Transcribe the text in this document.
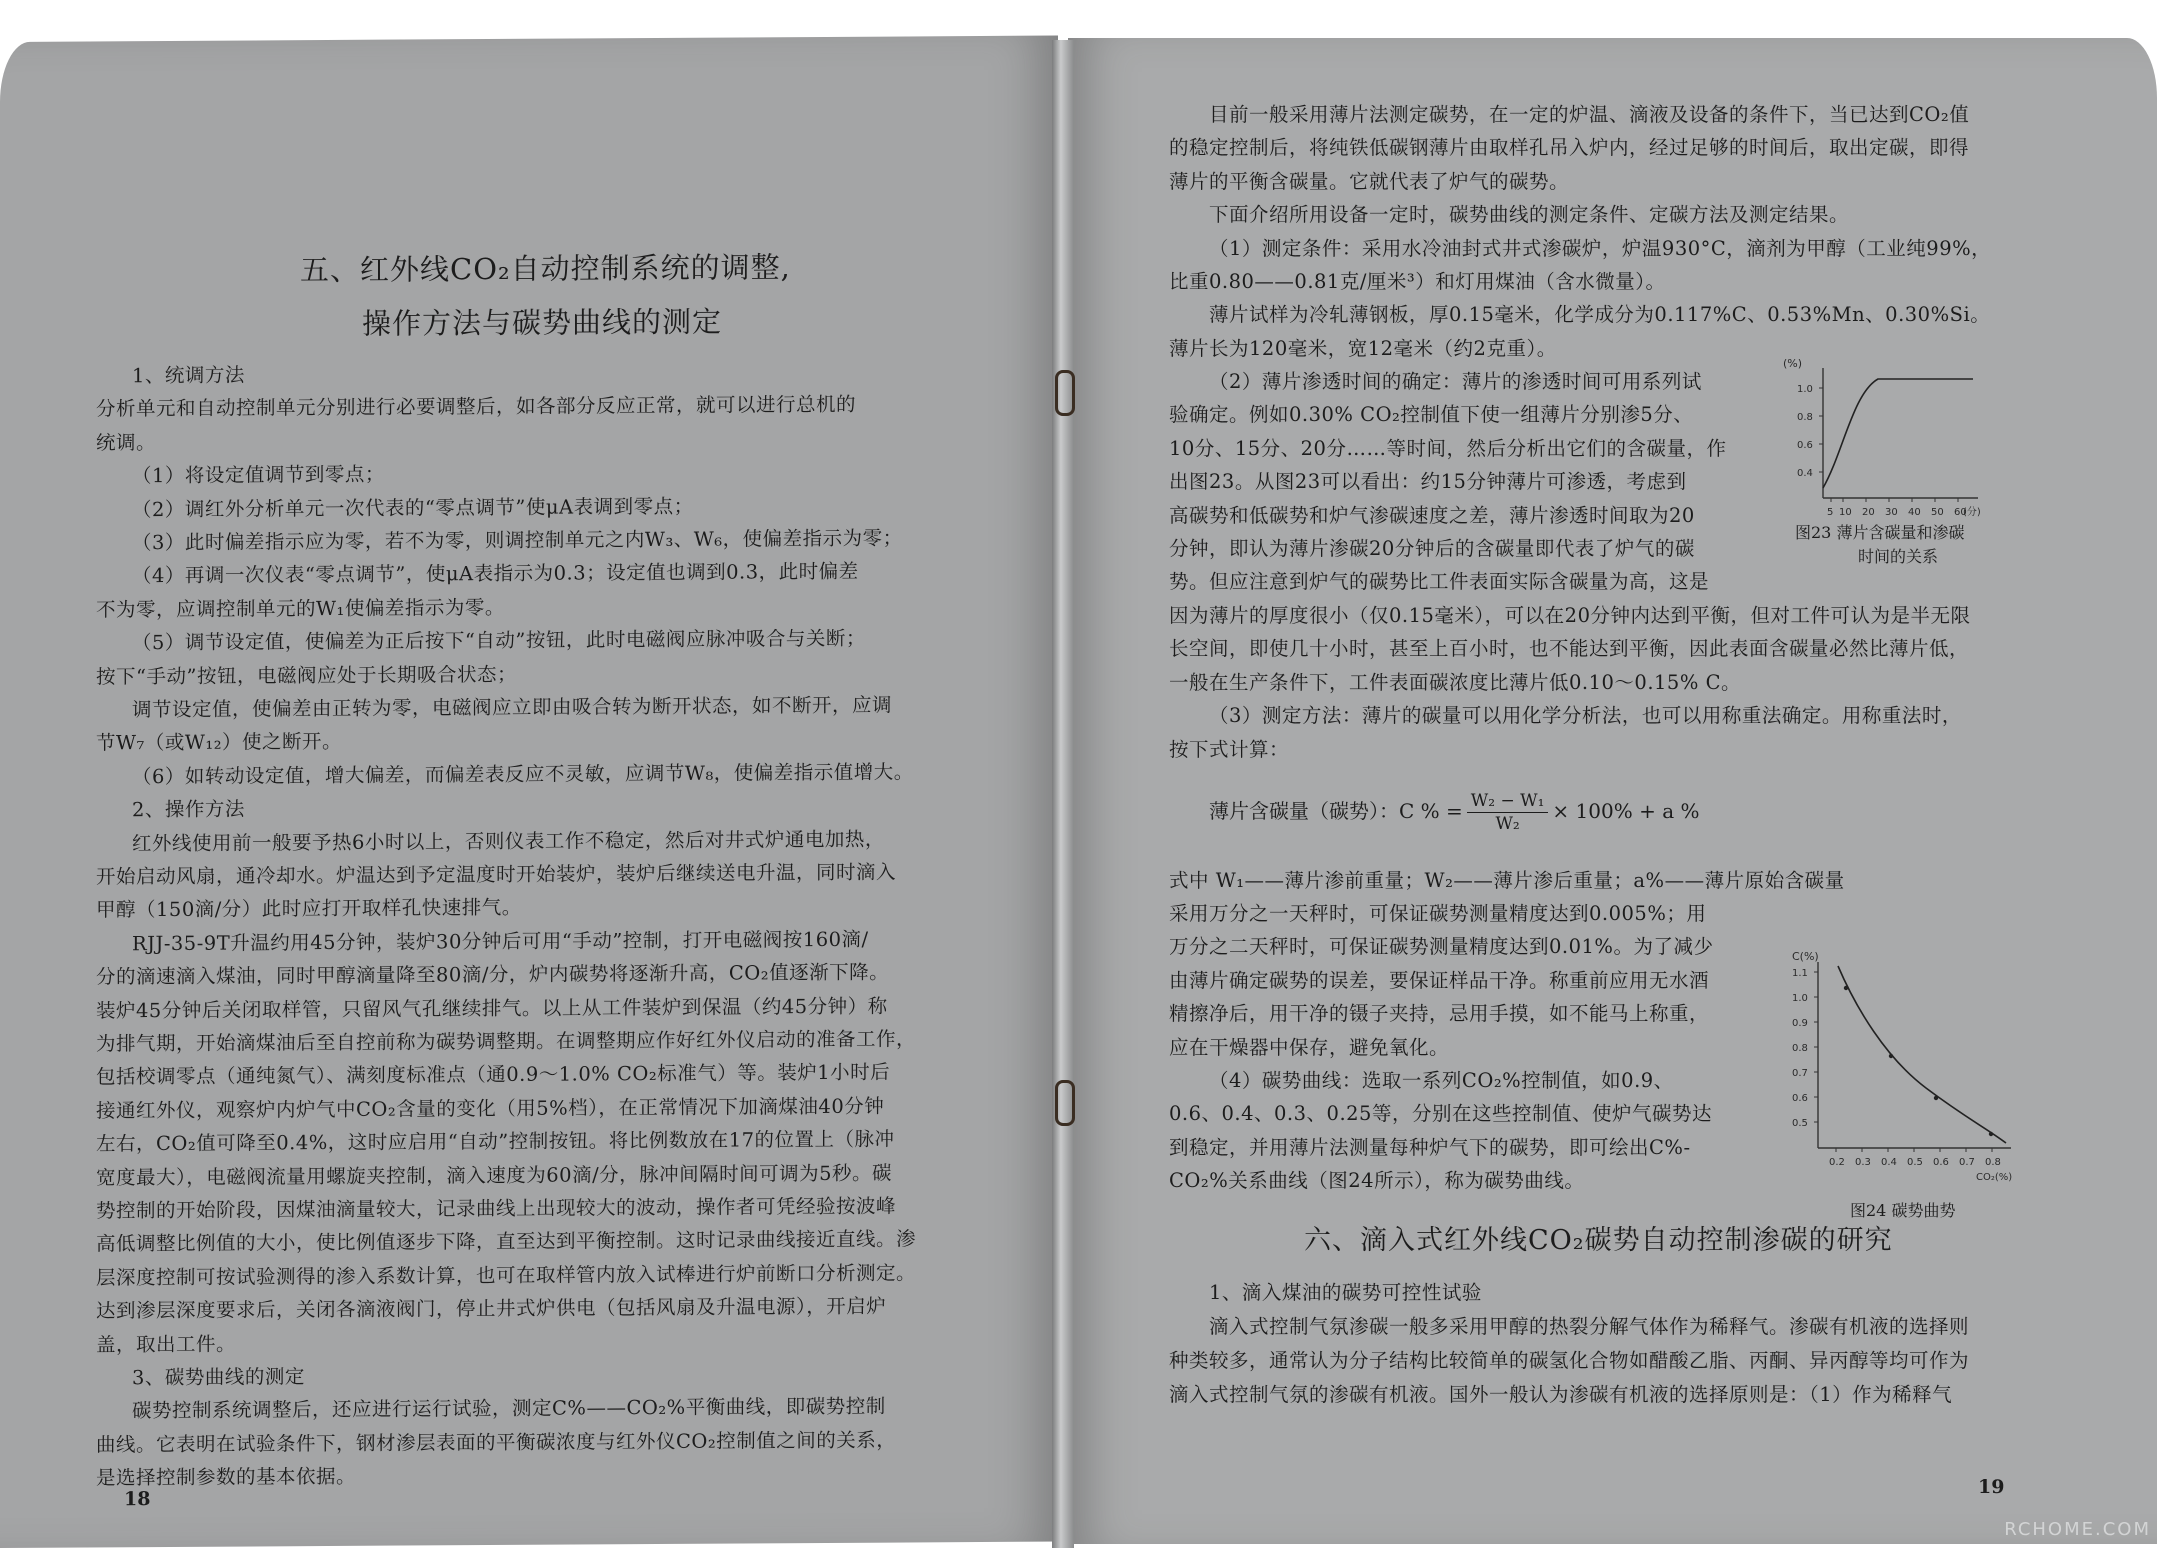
五、红外线CO₂自动控制系统的调整,
操作方法与碳势曲线的测定
1、统调方法
分析单元和自动控制单元分别进行必要调整后，如各部分反应正常，就可以进行总机的
统调。
（1）将设定值调节到零点；
（2）调红外分析单元一次代表的“零点调节”使μA表调到零点；
（3）此时偏差指示应为零，若不为零，则调控制单元之内W₃、W₆，使偏差指示为零；
（4）再调一次仪表“零点调节”，使μA表指示为0.3；设定值也调到0.3，此时偏差
不为零，应调控制单元的W₁使偏差指示为零。
（5）调节设定值，使偏差为正后按下“自动”按钮，此时电磁阀应脉冲吸合与关断；
按下“手动”按钮，电磁阀应处于长期吸合状态；
调节设定值，使偏差由正转为零，电磁阀应立即由吸合转为断开状态，如不断开，应调
节W₇（或W₁₂）使之断开。
（6）如转动设定值，增大偏差，而偏差表反应不灵敏，应调节W₈，使偏差指示值增大。
2、操作方法
红外线使用前一般要予热6小时以上，否则仪表工作不稳定，然后对井式炉通电加热，
开始启动风扇，通冷却水。炉温达到予定温度时开始装炉，装炉后继续送电升温，同时滴入
甲醇（150滴/分）此时应打开取样孔快速排气。
RJJ-35-9T升温约用45分钟，装炉30分钟后可用“手动”控制，打开电磁阀按160滴/
分的滴速滴入煤油，同时甲醇滴量降至80滴/分，炉内碳势将逐渐升高，CO₂值逐渐下降。
装炉45分钟后关闭取样管，只留风气孔继续排气。以上从工件装炉到保温（约45分钟）称
为排气期，开始滴煤油后至自控前称为碳势调整期。在调整期应作好红外仪启动的准备工作，
包括校调零点（通纯氮气）、满刻度标准点（通0.9～1.0% CO₂标准气）等。装炉1小时后
接通红外仪，观察炉内炉气中CO₂含量的变化（用5%档），在正常情况下加滴煤油40分钟
左右，CO₂值可降至0.4%，这时应启用“自动”控制按钮。将比例数放在17的位置上（脉冲
宽度最大），电磁阀流量用螺旋夹控制，滴入速度为60滴/分，脉冲间隔时间可调为5秒。碳
势控制的开始阶段，因煤油滴量较大，记录曲线上出现较大的波动，操作者可凭经验按波峰
高低调整比例值的大小，使比例值逐步下降，直至达到平衡控制。这时记录曲线接近直线。渗
层深度控制可按试验测得的渗入系数计算，也可在取样管内放入试棒进行炉前断口分析测定。
达到渗层深度要求后，关闭各滴液阀门，停止井式炉供电（包括风扇及升温电源），开启炉
盖，取出工件。
3、碳势曲线的测定
碳势控制系统调整后，还应进行运行试验，测定C%——CO₂%平衡曲线，即碳势控制
曲线。它表明在试验条件下，钢材渗层表面的平衡碳浓度与红外仪CO₂控制值之间的关系，
是选择控制参数的基本依据。
18
目前一般采用薄片法测定碳势，在一定的炉温、滴液及设备的条件下，当已达到CO₂值
的稳定控制后，将纯铁低碳钢薄片由取样孔吊入炉内，经过足够的时间后，取出定碳，即得
薄片的平衡含碳量。它就代表了炉气的碳势。
下面介绍所用设备一定时，碳势曲线的测定条件、定碳方法及测定结果。
（1）测定条件：采用水冷油封式井式渗碳炉，炉温930°C，滴剂为甲醇（工业纯99%，
比重0.80——0.81克/厘米³）和灯用煤油（含水微量）。
薄片试样为冷轧薄钢板，厚0.15毫米，化学成分为0.117%C、0.53%Mn、0.30%Si。
薄片长为120毫米，宽12毫米（约2克重）。
（2）薄片渗透时间的确定：薄片的渗透时间可用系列试
验确定。例如0.30% CO₂控制值下使一组薄片分别渗5分、
10分、15分、20分……等时间，然后分析出它们的含碳量，作
出图23。从图23可以看出：约15分钟薄片可渗透，考虑到
高碳势和低碳势和炉气渗碳速度之差，薄片渗透时间取为20
分钟，即认为薄片渗碳20分钟后的含碳量即代表了炉气的碳
势。但应注意到炉气的碳势比工件表面实际含碳量为高，这是
因为薄片的厚度很小（仅0.15毫米），可以在20分钟内达到平衡，但对工件可认为是半无限
长空间，即使几十小时，甚至上百小时，也不能达到平衡，因此表面含碳量必然比薄片低，
一般在生产条件下，工件表面碳浓度比薄片低0.10～0.15% C。
（3）测定方法：薄片的碳量可以用化学分析法，也可以用称重法确定。用称重法时，
按下式计算：
薄片含碳量（碳势）：C % = $\frac{\text{W₂ − W₁}}{\text{W₂}} \times 100\% + a$ %
式中 W₁——薄片渗前重量；W₂——薄片渗后重量；a%——薄片原始含碳量
采用万分之一天秤时，可保证碳势测量精度达到0.005%；用
万分之二天秤时，可保证碳势测量精度达到0.01%。为了减少
由薄片确定碳势的误差，要保证样品干净。称重前应用无水酒
精擦净后，用干净的镊子夹持，忌用手摸，如不能马上称重，
应在干燥器中保存，避免氧化。
（4）碳势曲线：选取一系列CO₂%控制值，如0.9、
0.6、0.4、0.3、0.25等，分别在这些控制值、使炉气碳势达
到稳定，并用薄片法测量每种炉气下的碳势，即可绘出C%-
CO₂%关系曲线（图24所示），称为碳势曲线。
六、滴入式红外线CO₂碳势自动控制渗碳的研究
1、滴入煤油的碳势可控性试验
滴入式控制气氛渗碳一般多采用甲醇的热裂分解气体作为稀释气。渗碳有机液的选择则
种类较多，通常认为分子结构比较简单的碳氢化合物如醋酸乙脂、丙酮、异丙醇等均可作为
滴入式控制气氛的渗碳有机液。国外一般认为渗碳有机液的选择原则是：（1）作为稀释气
19
(%)
1.0
0.8
0.6
0.4
5 10 20 30 40 50 60
(分)
图23 薄片含碳量和渗碳
时间的关系
C(%)
1.1
1.0
0.9
0.8
0.7
0.6
0.5
0.2 0.3 0.4 0.5 0.6 0.7 0.8
CO₂(%)
图24 碳势曲势
RCHOME.COM
